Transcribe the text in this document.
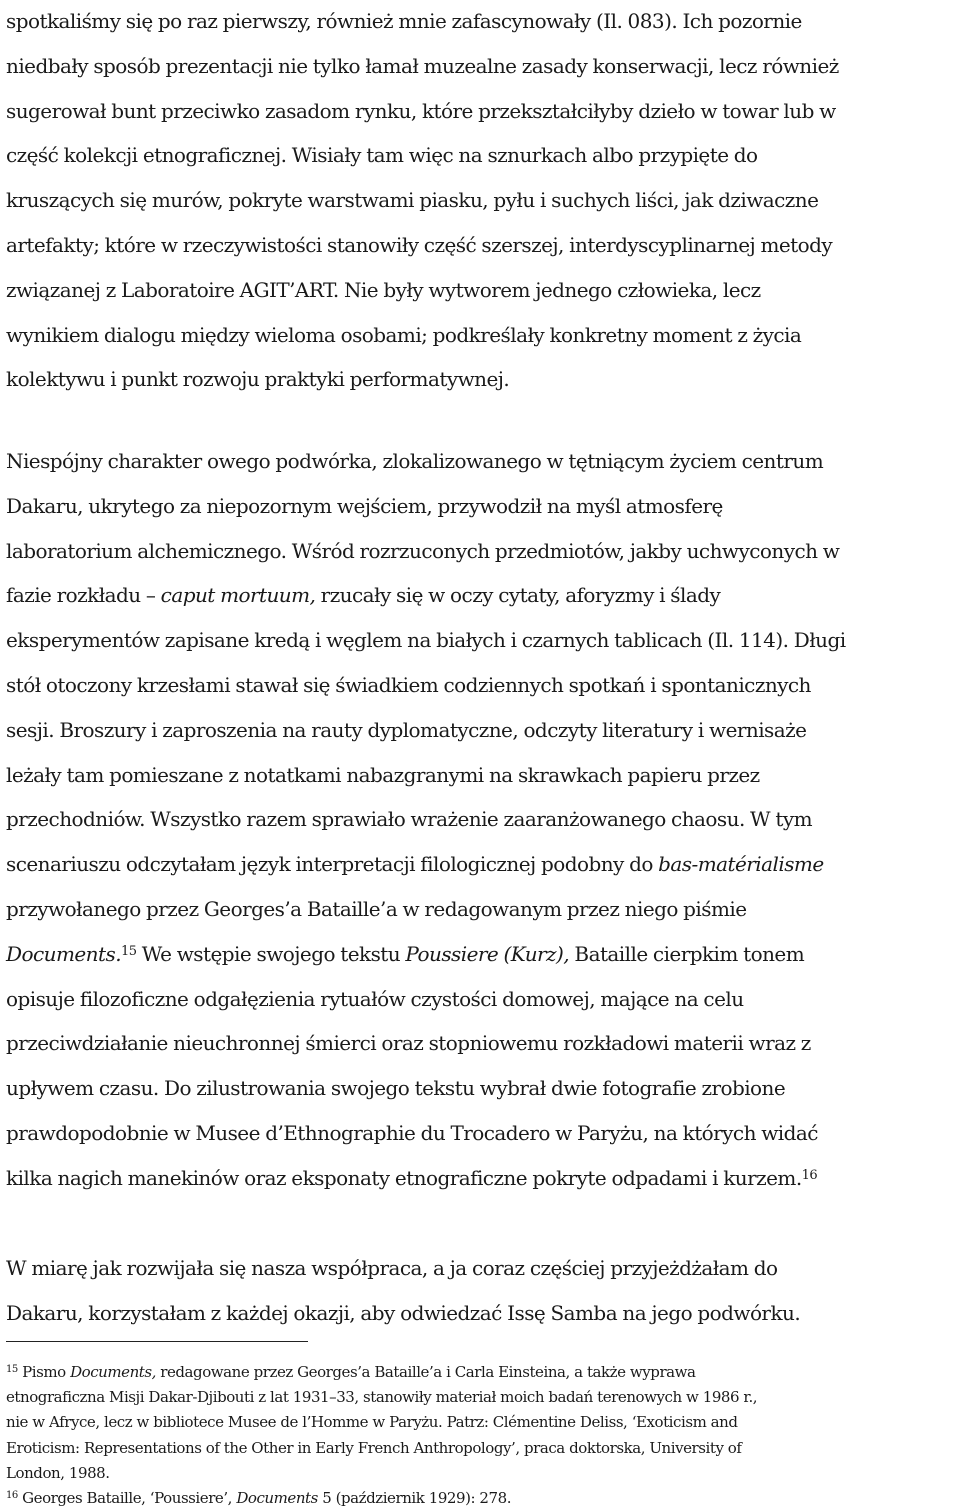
spotkaliśmy się po raz pierwszy, również mnie zafascynowały (Il. 083). Ich pozornie
niedbały sposób prezentacji nie tylko łamał muzealne zasady konserwacji, lecz również
sugerował bunt przeciwko zasadom rynku, które przekształciłyby dzieło w towar lub w
część kolekcji etnograficznej. Wisiały tam więc na sznurkach albo przypięte do
kruszących się murów, pokryte warstwami piasku, pyłu i suchych liści, jak dziwaczne
artefakty; które w rzeczywistości stanowiły część szerszej, interdyscyplinarnej metody
związanej z Laboratoire AGIT’ART. Nie były wytworem jednego człowieka, lecz
wynikiem dialogu między wieloma osobami; podkreślały konkretny moment z życia
kolektywu i punkt rozwoju praktyki performatywnej.

Niespójny charakter owego podwórka, zlokalizowanego w tętniącym życiem centrum
Dakaru, ukrytego za niepozornym wejściem, przywodził na myśl atmosferę
laboratorium alchemicznego. Wśród rozrzuconych przedmiotów, jakby uchwyconych w
fazie rozkładu – caput mortuum, rzucały się w oczy cytaty, aforyzmy i ślady
eksperymentów zapisane kredą i węglem na białych i czarnych tablicach (Il. 114). Długi
stół otoczony krzesłami stawał się świadkiem codziennych spotkań i spontanicznych
sesji. Broszury i zaproszenia na rauty dyplomatyczne, odczyty literatury i wernisaże
leżały tam pomieszane z notatkami nabazgranymi na skrawkach papieru przez
przechodniów. Wszystko razem sprawiało wrażenie zaaranżowanego chaosu. W tym
scenariuszu odczytałam język interpretacji filologicznej podobny do bas-matérialisme
przywołanego przez Georges’a Bataille’a w redagowanym przez niego piśmie
Documents.$^{15}$ We wstępie swojego tekstu Poussiere (Kurz), Bataille cierpkim tonem
opisuje filozoficzne odgałęzienia rytuałów czystości domowej, mające na celu
przeciwdziałanie nieuchronnej śmierci oraz stopniowemu rozkładowi materii wraz z
upływem czasu. Do zilustrowania swojego tekstu wybrał dwie fotografie zrobione
prawdopodobnie w Musee d’Ethnographie du Trocadero w Paryżu, na których widać
kilka nagich manekinów oraz eksponaty etnograficzne pokryte odpadami i kurzem.$^{16}$

W miarę jak rozwijała się nasza współpraca, a ja coraz częściej przyjeżdżałam do
Dakaru, korzystałam z każdej okazji, aby odwiedzać Issę Samba na jego podwórku.

$^{15}$ Pismo Documents, redagowane przez Georges’a Bataille’a i Carla Einsteina, a także wyprawa
etnograficzna Misji Dakar-Djibouti z lat 1931–33, stanowiły materiał moich badań terenowych w 1986 r.,
nie w Afryce, lecz w bibliotece Musee de l’Homme w Paryżu. Patrz: Clémentine Deliss, ‘Exoticism and
Eroticism: Representations of the Other in Early French Anthropology’, praca doktorska, University of
London, 1988.
$^{16}$ Georges Bataille, ‘Poussiere’, Documents 5 (październik 1929): 278.
